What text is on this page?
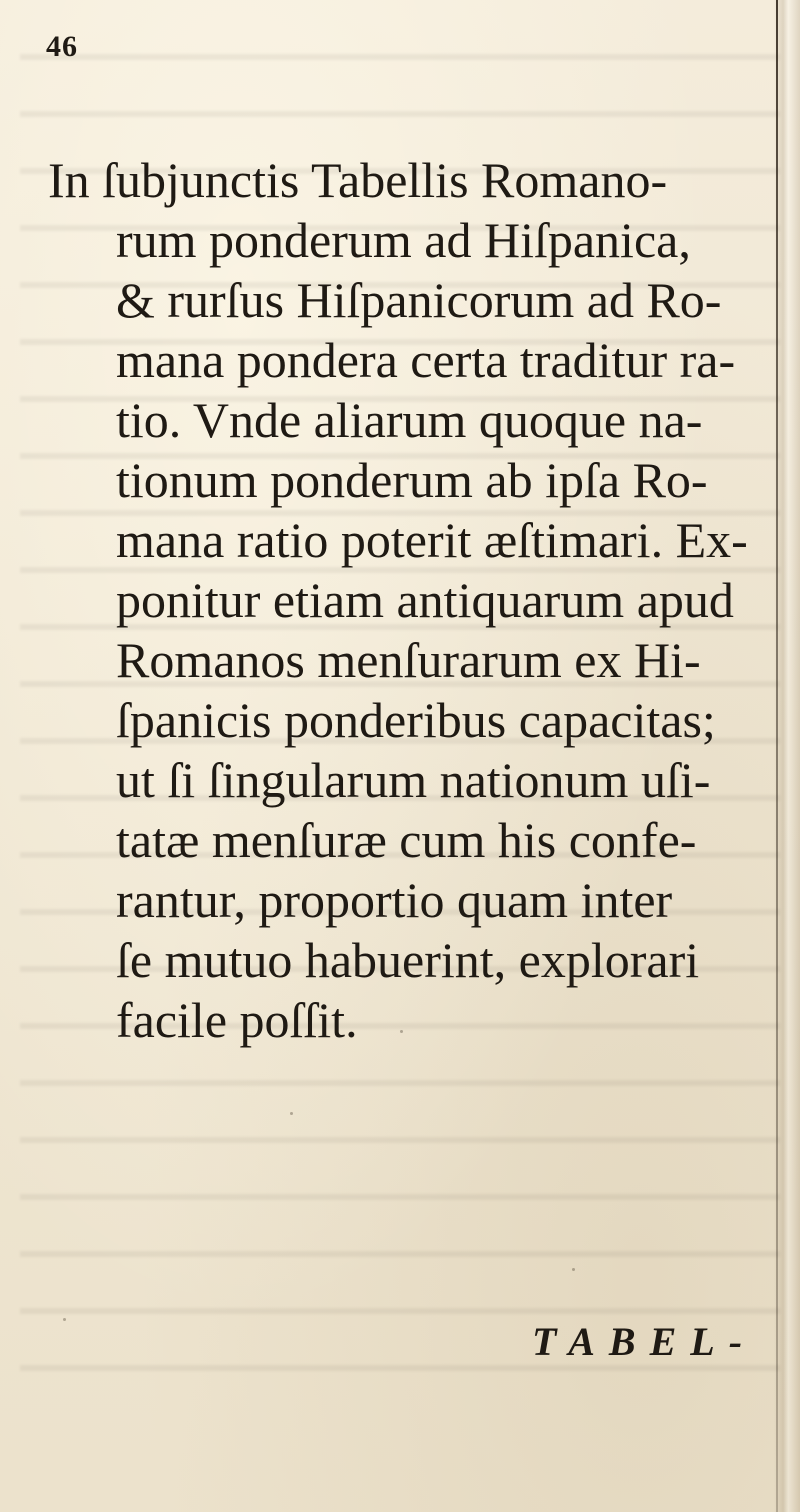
46
In ſubjunctis Tabellis Romano-
rum ponderum ad Hiſpanica,
& rurſus Hiſpanicorum ad Ro-
mana pondera certa traditur ra-
tio. Vnde aliarum quoque na-
tionum ponderum ab ipſa Ro-
mana ratio poterit æſtimari. Ex-
ponitur etiam antiquarum apud
Romanos menſurarum ex Hi-
ſpanicis ponderibus capacitas;
ut ſi ſingularum nationum uſi-
tatæ menſuræ cum his confe-
rantur, proportio quam inter
ſe mutuo habuerint, explorari
facile poſſit.
TABEL-
